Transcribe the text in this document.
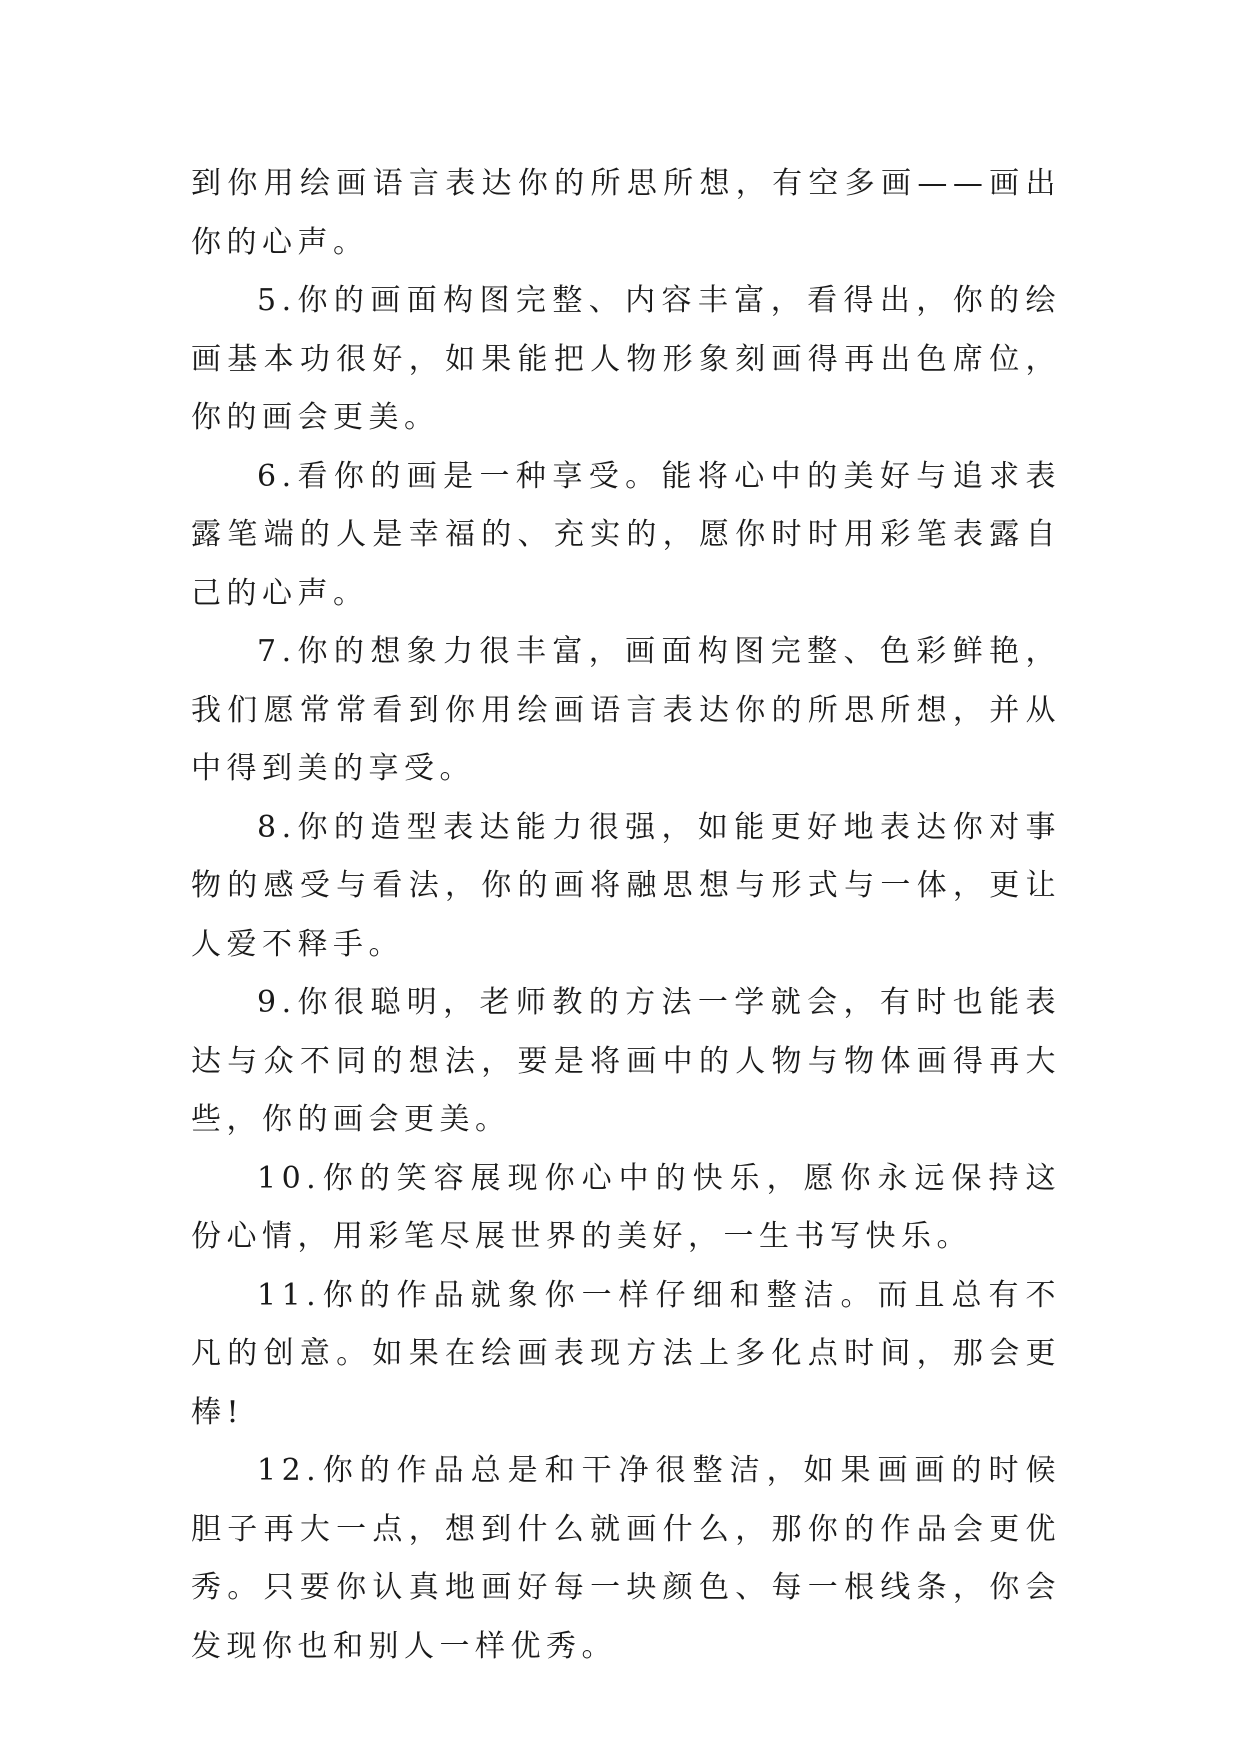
到你用绘画语言表达你的所思所想，有空多画——画出你的心声。

5.你的画面构图完整、内容丰富，看得出，你的绘画基本功很好，如果能把人物形象刻画得再出色席位，你的画会更美。

6.看你的画是一种享受。能将心中的美好与追求表露笔端的人是幸福的、充实的，愿你时时用彩笔表露自己的心声。

7.你的想象力很丰富，画面构图完整、色彩鲜艳，我们愿常常看到你用绘画语言表达你的所思所想，并从中得到美的享受。

8.你的造型表达能力很强，如能更好地表达你对事物的感受与看法，你的画将融思想与形式与一体，更让人爱不释手。

9.你很聪明，老师教的方法一学就会，有时也能表达与众不同的想法，要是将画中的人物与物体画得再大些，你的画会更美。

10.你的笑容展现你心中的快乐，愿你永远保持这份心情，用彩笔尽展世界的美好，一生书写快乐。

11.你的作品就象你一样仔细和整洁。而且总有不凡的创意。如果在绘画表现方法上多化点时间，那会更棒!

12.你的作品总是和干净很整洁，如果画画的时候胆子再大一点，想到什么就画什么，那你的作品会更优秀。只要你认真地画好每一块颜色、每一根线条，你会发现你也和别人一样优秀。
